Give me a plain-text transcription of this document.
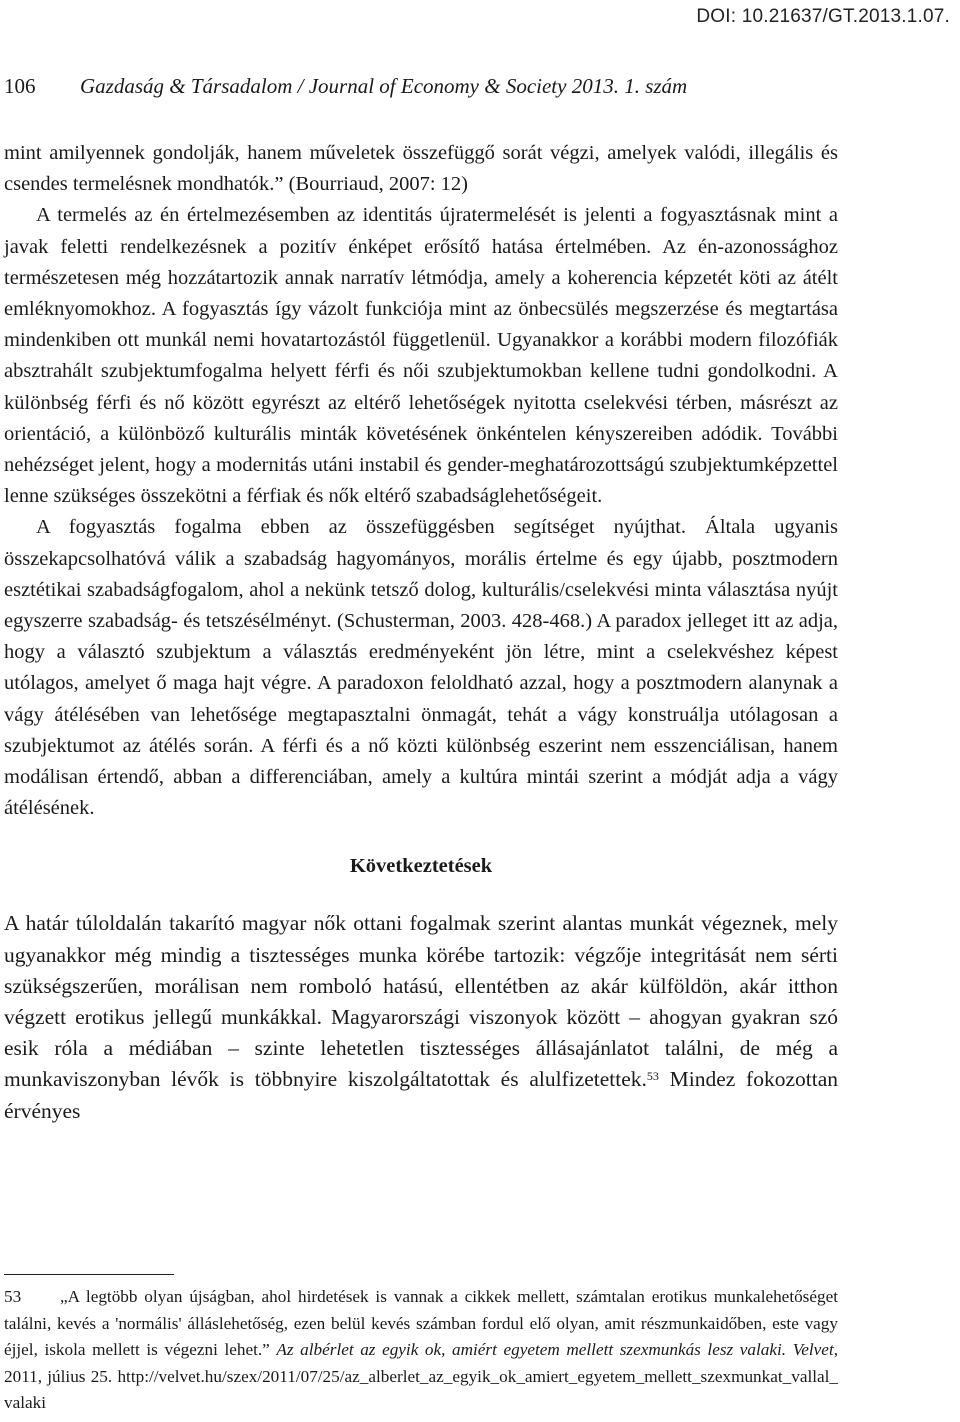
DOI: 10.21637/GT.2013.1.07.
106 Gazdaság & Társadalom / Journal of Economy & Society 2013. 1. szám

mint amilyennek gondolják, hanem műveletek összefüggő sorát végzi, amelyek valódi, illegális és csendes termelésnek mondhatók.” (Bourriaud, 2007: 12)

A termelés az én értelmezésemben az identitás újratermelését is jelenti a fogyasztásnak mint a javak feletti rendelkezésnek a pozitív énképet erősítő hatása értelmében. Az én-azonossághoz természetesen még hozzátartozik annak narratív létmódja, amely a koherencia képzetét köti az átélt emléknyomokhoz. A fogyasztás így vázolt funkciója mint az önbecsülés megszerzése és megtartása mindenkiben ott munkál nemi hovatartozástól függetlenül. Ugyanakkor a korábbi modern filozófiák absztrahált szubjektumfogalma helyett férfi és női szubjektumokban kellene tudni gondolkodni. A különbség férfi és nő között egyrészt az eltérő lehetőségek nyitotta cselekvési térben, másrészt az orientáció, a különböző kulturális minták követésének önkéntelen kényszereiben adódik. További nehézséget jelent, hogy a modernitás utáni instabil és gender-meghatározottságú szubjektumképzettel lenne szükséges összekötni a férfiak és nők eltérő szabadságlehetőségeit.

A fogyasztás fogalma ebben az összefüggésben segítséget nyújthat. Általa ugyanis összekapcsolhatóvá válik a szabadság hagyományos, morális értelme és egy újabb, posztmodern esztétikai szabadságfogalom, ahol a nekünk tetsző dolog, kulturális/cselekvési minta választása nyújt egyszerre szabadság- és tetszésélményt. (Schusterman, 2003. 428-468.) A paradox jelleget itt az adja, hogy a választó szubjektum a választás eredményeként jön létre, mint a cselekvéshez képest utólagos, amelyet ő maga hajt végre. A paradoxon feloldható azzal, hogy a posztmodern alanynak a vágy átélésében van lehetősége megtapasztalni önmagát, tehát a vágy konstruálja utólagosan a szubjektumot az átélés során. A férfi és a nő közti különbség eszerint nem esszenciálisan, hanem modálisan értendő, abban a differenciában, amely a kultúra mintái szerint a módját adja a vágy átélésének.

Következtetések

A határ túloldalán takarító magyar nők ottani fogalmak szerint alantas munkát végeznek, mely ugyanakkor még mindig a tisztességes munka körébe tartozik: végzője integritását nem sérti szükségszerűen, morálisan nem romboló hatású, ellentétben az akár külföldön, akár itthon végzett erotikus jellegű munkákkal. Magyarországi viszonyok között – ahogyan gyakran szó esik róla a médiában – szinte lehetetlen tisztességes állásajánlatot találni, de még a munkaviszonyban lévők is többnyire kiszolgáltatottak és alulfizetettek.$^{53}$ Mindez fokozottan érvényes

53 „A legtöbb olyan újságban, ahol hirdetések is vannak a cikkek mellett, számtalan erotikus munkalehetőséget találni, kevés a 'normális' álláslehetőség, ezen belül kevés számban fordul elő olyan, amit részmunkaidőben, este vagy éjjel, iskola mellett is végezni lehet.” Az albérlet az egyik ok, amiért egyetem mellett szexmunkás lesz valaki. Velvet, 2011, július 25. http://velvet.hu/szex/2011/07/25/az_alberlet_az_egyik_ok_amiert_egyetem_mellett_szexmunkat_vallal_valaki
